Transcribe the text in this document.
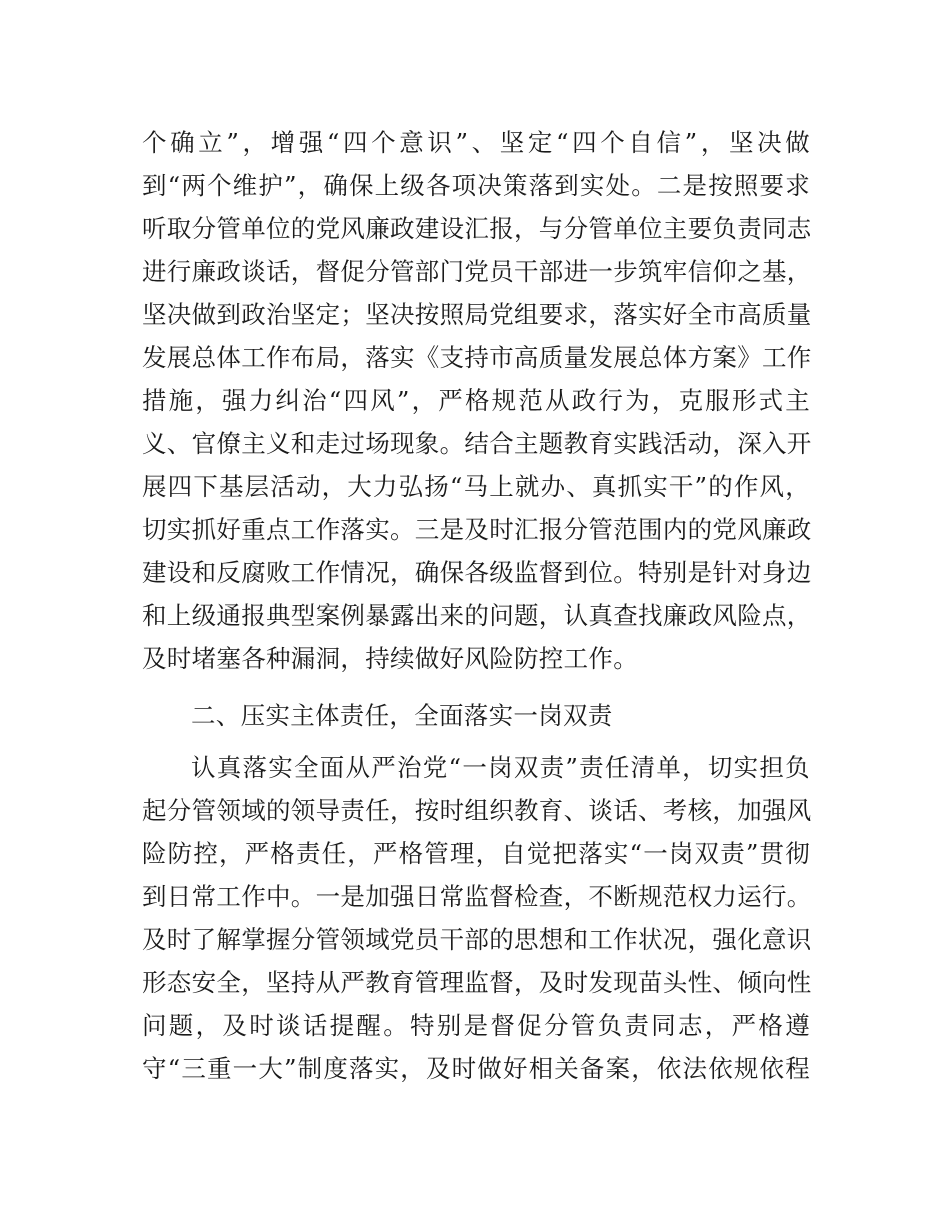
个确立”，增强“四个意识”、坚定“四个自信”，坚决做
到“两个维护”，确保上级各项决策落到实处。二是按照要求
听取分管单位的党风廉政建设汇报，与分管单位主要负责同志
进行廉政谈话，督促分管部门党员干部进一步筑牢信仰之基，
坚决做到政治坚定；坚决按照局党组要求，落实好全市高质量
发展总体工作布局，落实《支持市高质量发展总体方案》工作
措施，强力纠治“四风”，严格规范从政行为，克服形式主
义、官僚主义和走过场现象。结合主题教育实践活动，深入开
展四下基层活动，大力弘扬“马上就办、真抓实干”的作风，
切实抓好重点工作落实。三是及时汇报分管范围内的党风廉政
建设和反腐败工作情况，确保各级监督到位。特别是针对身边
和上级通报典型案例暴露出来的问题，认真查找廉政风险点，
及时堵塞各种漏洞，持续做好风险防控工作。
二、压实主体责任，全面落实一岗双责
认真落实全面从严治党“一岗双责”责任清单，切实担负
起分管领域的领导责任，按时组织教育、谈话、考核，加强风
险防控，严格责任，严格管理，自觉把落实“一岗双责”贯彻
到日常工作中。一是加强日常监督检查，不断规范权力运行。
及时了解掌握分管领域党员干部的思想和工作状况，强化意识
形态安全，坚持从严教育管理监督，及时发现苗头性、倾向性
问题，及时谈话提醒。特别是督促分管负责同志，严格遵
守“三重一大”制度落实，及时做好相关备案，依法依规依程
